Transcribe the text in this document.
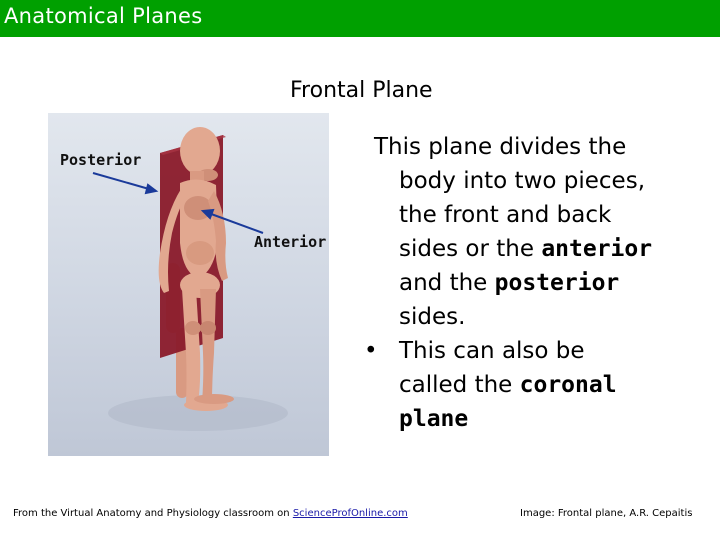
Anatomical Planes
Frontal Plane
Posterior
Anterior
This plane divides the
body into two pieces,
the front and back
sides or the anterior
and the posterior
sides.
• This can also be
called the coronal
plane
From the Virtual Anatomy and Physiology classroom on ScienceProfOnline.com	Image: Frontal plane, A.R. Cepaitis
